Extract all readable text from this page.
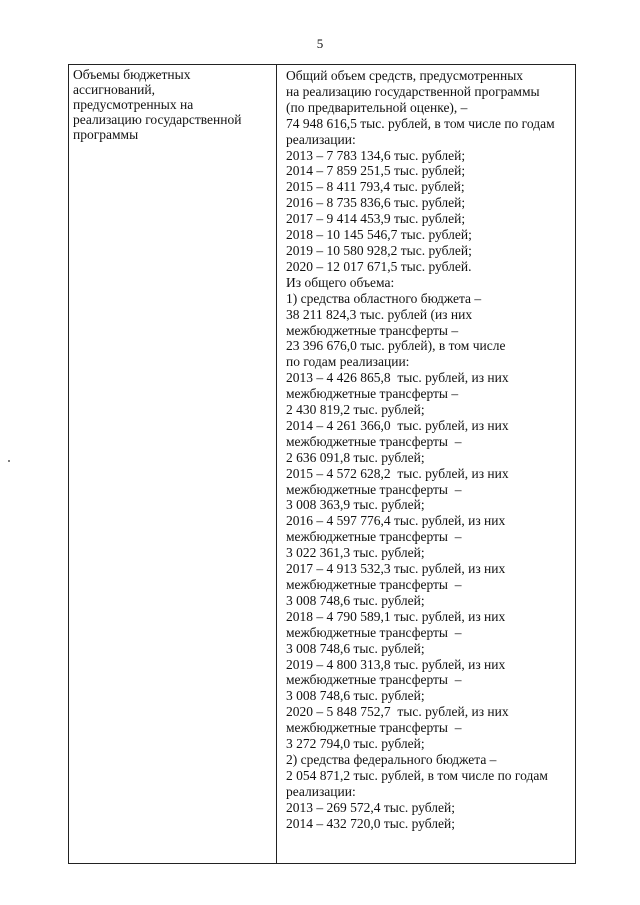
5
Объемы бюджетных
ассигнований,
предусмотренных на
реализацию государственной
программы
Общий объем средств, предусмотренных
на реализацию государственной программы
(по предварительной оценке), –
74 948 616,5 тыс. рублей, в том числе по годам
реализации:
2013 – 7 783 134,6 тыс. рублей;
2014 – 7 859 251,5 тыс. рублей;
2015 – 8 411 793,4 тыс. рублей;
2016 – 8 735 836,6 тыс. рублей;
2017 – 9 414 453,9 тыс. рублей;
2018 – 10 145 546,7 тыс. рублей;
2019 – 10 580 928,2 тыс. рублей;
2020 – 12 017 671,5 тыс. рублей.
Из общего объема:
1) средства областного бюджета –
38 211 824,3 тыс. рублей (из них
межбюджетные трансферты –
23 396 676,0 тыс. рублей), в том числе
по годам реализации:
2013 – 4 426 865,8  тыс. рублей, из них
межбюджетные трансферты –
2 430 819,2 тыс. рублей;
2014 – 4 261 366,0  тыс. рублей, из них
межбюджетные трансферты  –
2 636 091,8 тыс. рублей;
2015 – 4 572 628,2  тыс. рублей, из них
межбюджетные трансферты  –
3 008 363,9 тыс. рублей;
2016 – 4 597 776,4 тыс. рублей, из них
межбюджетные трансферты  –
3 022 361,3 тыс. рублей;
2017 – 4 913 532,3 тыс. рублей, из них
межбюджетные трансферты  –
3 008 748,6 тыс. рублей;
2018 – 4 790 589,1 тыс. рублей, из них
межбюджетные трансферты  –
3 008 748,6 тыс. рублей;
2019 – 4 800 313,8 тыс. рублей, из них
межбюджетные трансферты  –
3 008 748,6 тыс. рублей;
2020 – 5 848 752,7  тыс. рублей, из них
межбюджетные трансферты  –
3 272 794,0 тыс. рублей;
2) средства федерального бюджета –
2 054 871,2 тыс. рублей, в том числе по годам
реализации:
2013 – 269 572,4 тыс. рублей;
2014 – 432 720,0 тыс. рублей;
